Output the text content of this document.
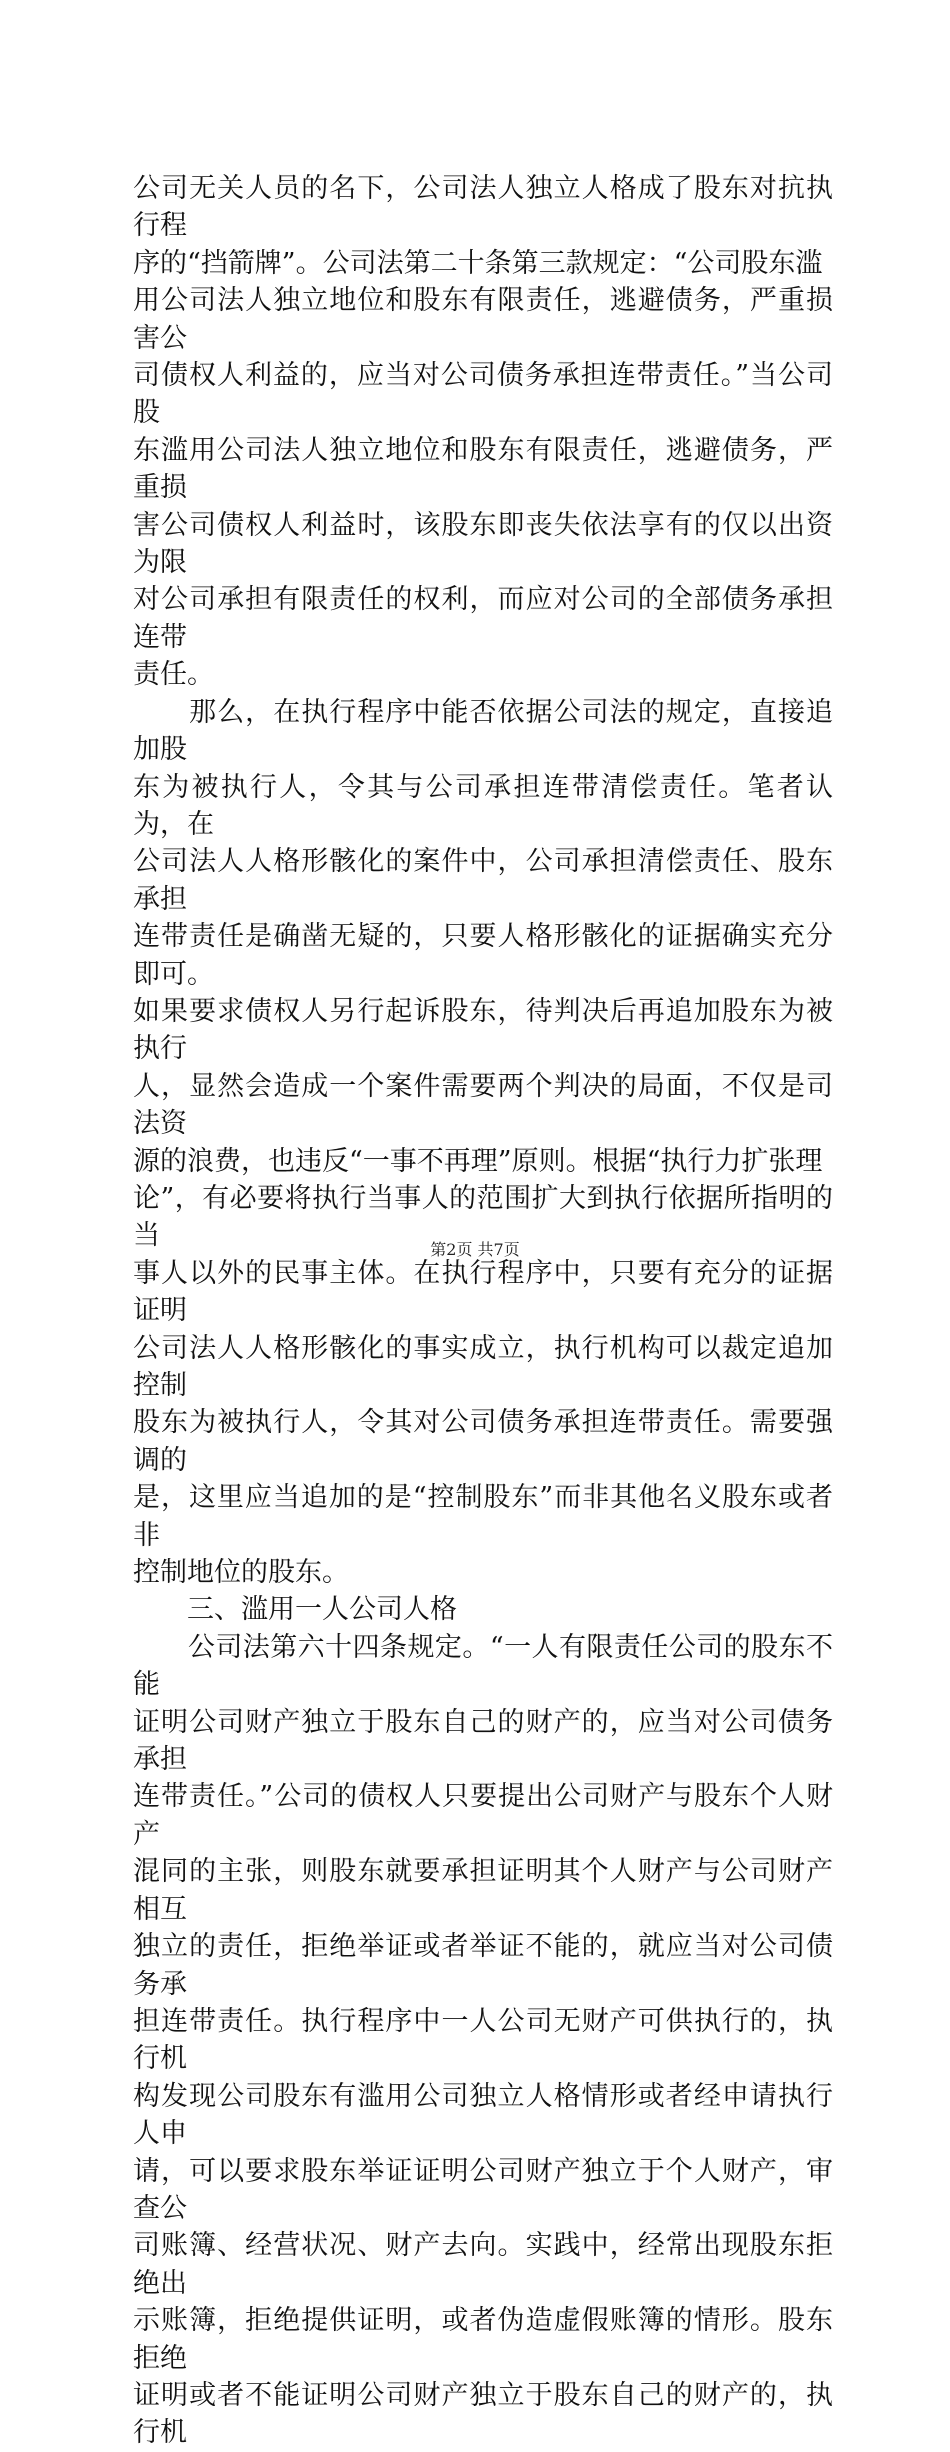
公司无关人员的名下，公司法人独立人格成了股东对抗执行程

序的“挡箭牌”。公司法第二十条第三款规定：“公司股东滥

用公司法人独立地位和股东有限责任，逃避债务，严重损害公

司债权人利益的，应当对公司债务承担连带责任。”当公司股

东滥用公司法人独立地位和股东有限责任，逃避债务，严重损

害公司债权人利益时，该股东即丧失依法享有的仅以出资为限

对公司承担有限责任的权利，而应对公司的全部债务承担连带

责任。

　　那么，在执行程序中能否依据公司法的规定，直接追加股

东为被执行人，令其与公司承担连带清偿责任。笔者认为，在

公司法人人格形骸化的案件中，公司承担清偿责任、股东承担

连带责任是确凿无疑的，只要人格形骸化的证据确实充分即可。

如果要求债权人另行起诉股东，待判决后再追加股东为被执行

人，显然会造成一个案件需要两个判决的局面，不仅是司法资

源的浪费，也违反“一事不再理”原则。根据“执行力扩张理

论”，有必要将执行当事人的范围扩大到执行依据所指明的当

事人以外的民事主体。在执行程序中，只要有充分的证据证明

公司法人人格形骸化的事实成立，执行机构可以裁定追加控制

股东为被执行人，令其对公司债务承担连带责任。需要强调的

是，这里应当追加的是“控制股东”而非其他名义股东或者非

控制地位的股东。

　　三、滥用一人公司人格

　　公司法第六十四条规定。“一人有限责任公司的股东不能

证明公司财产独立于股东自己的财产的，应当对公司债务承担

连带责任。”公司的债权人只要提出公司财产与股东个人财产

混同的主张，则股东就要承担证明其个人财产与公司财产相互

独立的责任，拒绝举证或者举证不能的，就应当对公司债务承

担连带责任。执行程序中一人公司无财产可供执行的，执行机

构发现公司股东有滥用公司独立人格情形或者经申请执行人申

请，可以要求股东举证证明公司财产独立于个人财产，审查公

司账簿、经营状况、财产去向。实践中，经常出现股东拒绝出

示账簿，拒绝提供证明，或者伪造虚假账簿的情形。股东拒绝

证明或者不能证明公司财产独立于股东自己的财产的，执行机

第2页 共7页
